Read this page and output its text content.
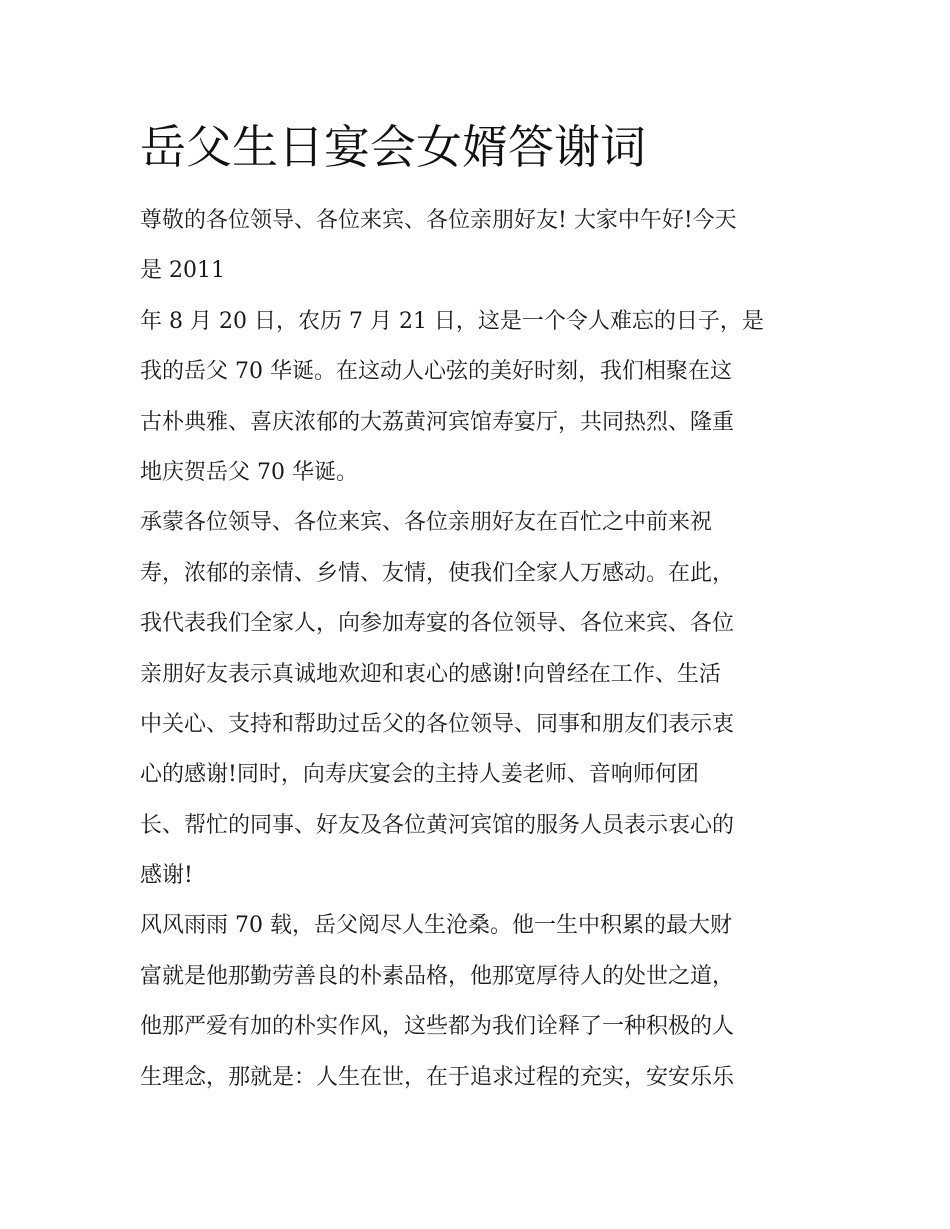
岳父生日宴会女婿答谢词
尊敬的各位领导、各位来宾、各位亲朋好友! 大家中午好!今天
是 2011
年 8 月 20 日，农历 7 月 21 日，这是一个令人难忘的日子，是
我的岳父 70 华诞。在这动人心弦的美好时刻，我们相聚在这
古朴典雅、喜庆浓郁的大荔黄河宾馆寿宴厅，共同热烈、隆重
地庆贺岳父 70 华诞。
承蒙各位领导、各位来宾、各位亲朋好友在百忙之中前来祝
寿，浓郁的亲情、乡情、友情，使我们全家人万感动。在此，
我代表我们全家人，向参加寿宴的各位领导、各位来宾、各位
亲朋好友表示真诚地欢迎和衷心的感谢!向曾经在工作、生活
中关心、支持和帮助过岳父的各位领导、同事和朋友们表示衷
心的感谢!同时，向寿庆宴会的主持人姜老师、音响师何团
长、帮忙的同事、好友及各位黄河宾馆的服务人员表示衷心的
感谢!
风风雨雨 70 载，岳父阅尽人生沧桑。他一生中积累的最大财
富就是他那勤劳善良的朴素品格，他那宽厚待人的处世之道，
他那严爱有加的朴实作风，这些都为我们诠释了一种积极的人
生理念，那就是：人生在世，在于追求过程的充实，安安乐乐
